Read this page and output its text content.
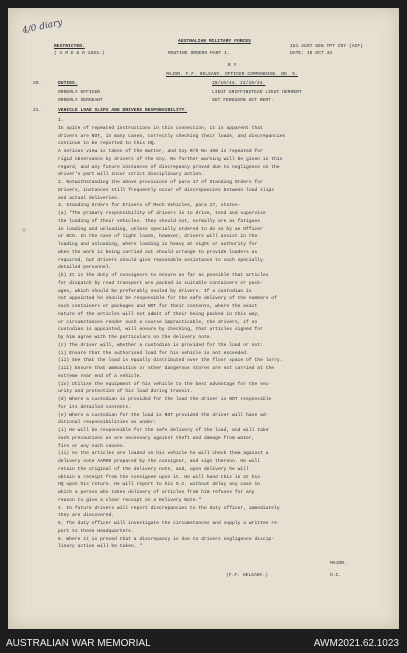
4/0 diary
RESTRICTED.
( A M E & O 1583.)
AUSTRALIAN MILITARY FORCES
ROUTINE ORDERS PART I.
151 AUST GEN TPT COY (AIF)
DATE: 19 OCT 44
B Y
MAJOR. F.F. HELGANY. OFFICER COMMANDING. NO. 5.
20.	DUTIES.	20/10/44. 21/10/44.
ORDERLY OFFICER	LIEUT GRIFFINSTEAD LIEUT HEROERT
ORDERLY SERGEANT	SGT FERGUSON SGT HERT.
21.	VEHICLE LOAD SLIPS AND DRIVERS RESPONSIBILITY.
1.
In spite of repeated instructions in this connection, it is apparent that
drivers are NOT, in many cases, correctly checking their loads, and discrepancies
continue to be reported to this HQ.
A serious view is taken of the matter, and Coy R/O No 460 is repeated for
rigid observance by drivers of the Coy. No further warning will be given in this
regard, and any future instances of discrepancy proved due to negligence on the
driver's part will incur strict disciplinary action.
2. Notwithstanding the above provisions of para 17 of Standing Orders for
Drivers, instances still frequently occur of discrepancies between load slips
and actual deliveries.
3. Standing Orders for Drivers of Mech Vehicles, para 17, states-
(a) "The primary responsibility of drivers is to drive, tend and supervise
the loading of their vehicles. They should not, normally are as fatigues
in loading and unloading, unless specially ordered to do so by an Officer
or NCO. In the case of light loads, however, drivers will assist in the
loading and unloading, where loading is heavy at night or authority for
when the work is being carried out should arrange to provide loaders as
required, but drivers should give reasonable assistance to such specially
detailed personnel.
(b) It is the duty of consignors to ensure as far as possible that articles
for dispatch by road transport are packed in suitable containers or pack-
ages, which should be preferably sealed by drivers. If a custodian is
not appointed he should be responsible for the safe delivery of the numbers of
such containers or packages and NOT for their contents, where the exact
nature of the articles will not admit of their being packed in this way,
or circumstances render such a course impracticable, the drivers, if no
custodian is appointed, will ensure by checking, that articles signed for
by him agree with the particulars on the delivery note.
(c) The driver will, whether a custodian is provided for the load or not:
(i) Ensure that the authorised load for his vehicle is not exceeded.
(ii) See that the load is equally distributed over the floor space of the lorry.
(iii) Ensure that ammunition or other dangerous stores are not carried at the
extreme rear end of a vehicle.
(iv) Utilise the equipment of his vehicle to the best advantage for the sec-
urity and protection of his load during transit.
(d) Where a custodian is provided for the load the driver is NOT responsible
for its detailed contents.
(e) Where a custodian for the load is NOT provided the driver will have ad-
ditional responsibilities as under:
(i) He will be responsible for the safe delivery of the load, and will take
such precautions as are necessary against theft and damage from water,
fire or any such causes.
(ii) As the articles are loaded on his vehicle he will check them against a
delivery note AAMO9 prepared by the consignor, and sign thereon. He will
retain the original of the delivery note, and, upon delivery he will
obtain a receipt from the consignee upon it. He will hand this in at his
HQ upon his return. He will report to his O.C. without delay any case in
which a person who takes delivery of articles from him refuses for any
reason to give a clear receipt on a Delivery Note."
4. In future drivers will report discrepancies to the duty officer, immediately
they are discovered.
5. The duty officer will investigate the circumstances and supply a written re-
port to these Headquarters.
6. Where it is proved that a discrepancy is due to drivers negligence discip-
linary action will be taken. "
MAJOR.
(F.F. HELGANY.)	O.C.
AUSTRALIAN WAR MEMORIAL	AWM2021.62.1023
